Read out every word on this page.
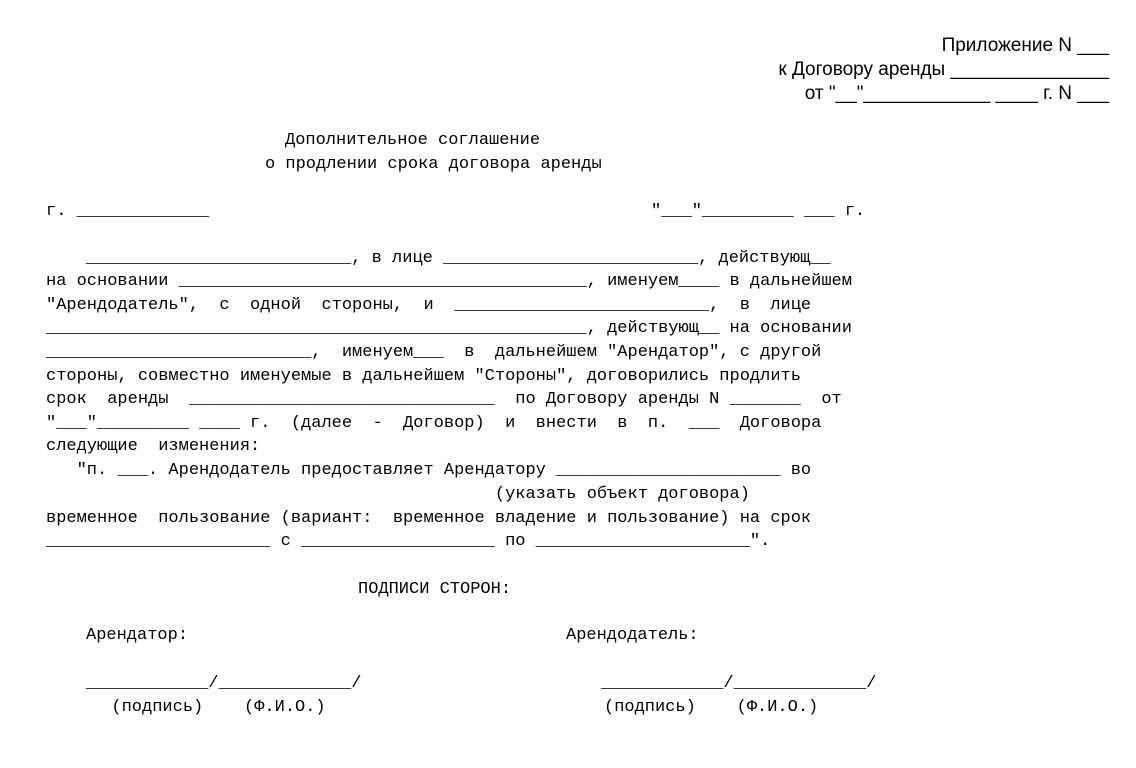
Приложение N ___
к Договору аренды _______________
от "__"____________ ____ г. N ___
Дополнительное соглашение
о продлении срока договора аренды
г. _____________	"___"_________ ___ г.
__________________________, в лице _________________________, действующ__
на основании ________________________________________, именуем____ в дальнейшем
"Арендодатель",  с  одной  стороны,  и  _________________________,  в  лице
_____________________________________________________, действующ__ на основании
__________________________,  именуем___  в  дальнейшем "Арендатор", с другой
стороны, совместно именуемые в дальнейшем "Стороны", договорились продлить
срок  аренды  ______________________________  по Договору аренды N _______  от
"___"_________ ____ г.  (далее  -  Договор)  и  внести  в  п.  ___  Договора
следующие  изменения:
"п. ___. Арендодатель предоставляет Арендатору ______________________ во
(указать объект договора)
временное  пользование (вариант:  временное владение и пользование) на срок
______________________ с ___________________ по _____________________".
ПОДПИСИ СТОРОН:
Арендатор:	Арендодатель:
____________/_____________/	____________/_____________/
(подпись)    (Ф.И.О.)	(подпись)    (Ф.И.О.)
